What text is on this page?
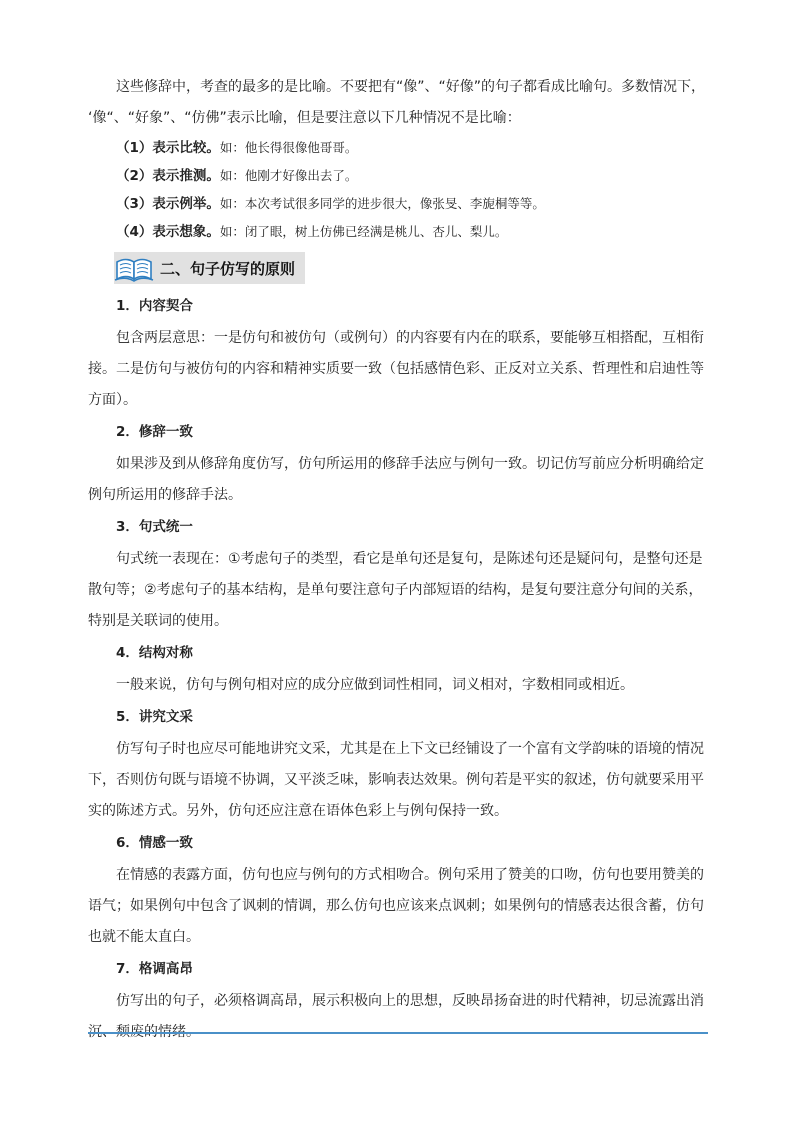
这些修辞中，考查的最多的是比喻。不要把有“像”、“好像”的句子都看成比喻句。多数情况下，

‘像“、“好象”、“仿佛”表示比喻，但是要注意以下几种情况不是比喻：

（1）表示比较。如：他长得很像他哥哥。

（2）表示推测。如：他刚才好像出去了。

（3）表示例举。如：本次考试很多同学的进步很大，像张旻、李旎桐等等。

（4）表示想象。如：闭了眼，树上仿佛已经满是桃儿、杏儿、梨儿。

二、句子仿写的原则

1．内容契合

包含两层意思：一是仿句和被仿句（或例句）的内容要有内在的联系，要能够互相搭配，互相衔

接。二是仿句与被仿句的内容和精神实质要一致（包括感情色彩、正反对立关系、哲理性和启迪性等

方面）。

2．修辞一致

如果涉及到从修辞角度仿写，仿句所运用的修辞手法应与例句一致。切记仿写前应分析明确给定

例句所运用的修辞手法。

3．句式统一

句式统一表现在：①考虑句子的类型，看它是单句还是复句，是陈述句还是疑问句，是整句还是

散句等；②考虑句子的基本结构，是单句要注意句子内部短语的结构，是复句要注意分句间的关系，

特别是关联词的使用。

4．结构对称

一般来说，仿句与例句相对应的成分应做到词性相同，词义相对，字数相同或相近。

5．讲究文采

仿写句子时也应尽可能地讲究文采，尤其是在上下文已经铺设了一个富有文学韵味的语境的情况

下，否则仿句既与语境不协调，又平淡乏味，影响表达效果。例句若是平实的叙述，仿句就要采用平

实的陈述方式。另外，仿句还应注意在语体色彩上与例句保持一致。

6．情感一致

在情感的表露方面，仿句也应与例句的方式相吻合。例句采用了赞美的口吻，仿句也要用赞美的

语气；如果例句中包含了讽刺的情调，那么仿句也应该来点讽刺；如果例句的情感表达很含蓄，仿句

也就不能太直白。

7．格调高昂

仿写出的句子，必须格调高昂，展示积极向上的思想，反映昂扬奋进的时代精神，切忌流露出消

沉、颓废的情绪。
